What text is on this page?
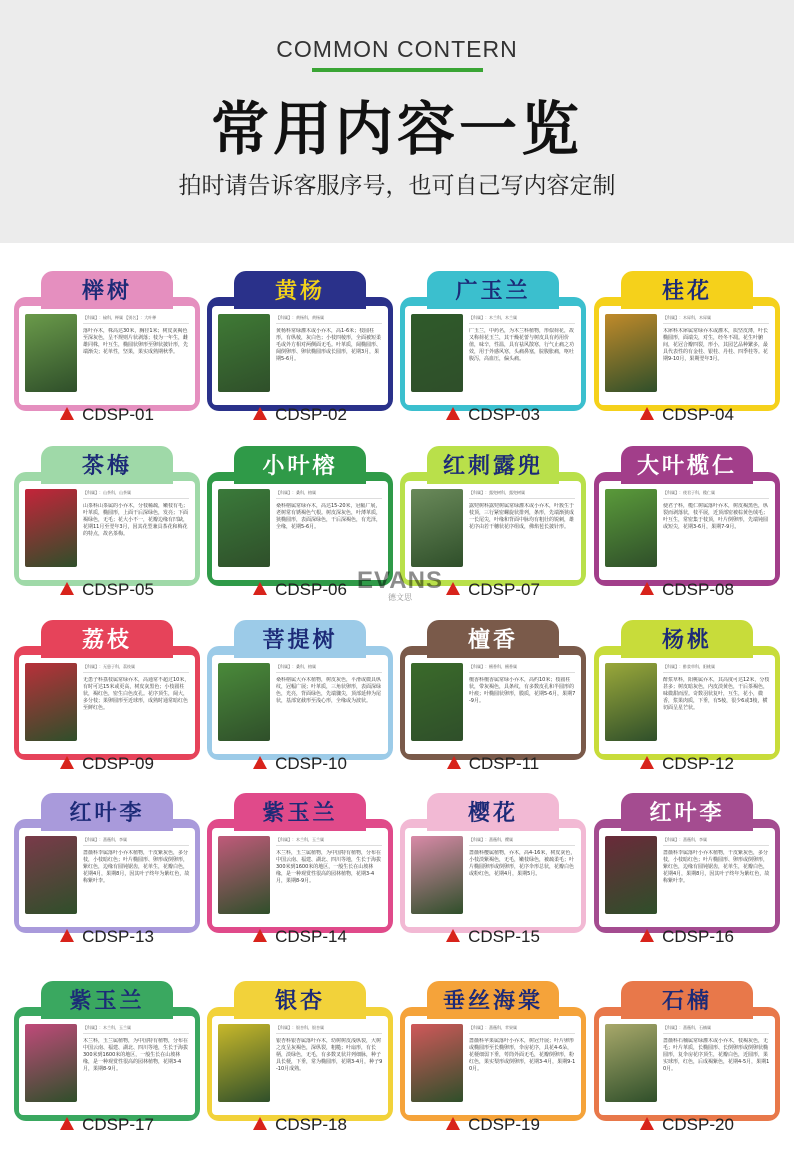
COMMON CONTERN
常用内容一览
拍时请告诉客服序号，也可自己写内容定制
【科属】：榆科，榉属 【别名】：大叶榉
落叶乔木，株高达30米，胸径1米；树皮灰褐色至深灰色，呈不规则片状剥落；枝为一年生，雌雄同株，叶互生，椭圆状卵形至卵状披针形，先端渐尖；花单性，坚果，果实成熟期秋季。
榉树
CDSP-01
【科属】：黄杨科，黄杨属
黄杨科常绿灌木或小乔木，高1-6米；枝圆柱形，有纵棱，灰白色；小枝四棱形，全面被短柔毛或外方相对两侧面无毛。叶革质，阔椭圆形、阔倒卵形、卵状椭圆形或长圆形，花期3月，果期5-6月。
黄杨
CDSP-02
【科属】：木兰科，木兰属
广玉兰，中药名，为木兰科植物，形似荷花，故又称荷花玉兰，其干燥花蕾与树皮具有药用价值，味辛，性温，具有祛风散寒，行气止痛之功效，用于外感风寒，头痛鼻塞，脘腹胀痛，呕吐腹泻，高血压，偏头痛。
广玉兰
CDSP-03
【科属】：木犀科，木犀属
木犀科木犀属常绿乔木或灌木，质坚皮薄，叶长椭圆形，面端尖，对生，经冬不凋。花生叶腑间，花冠合瓣四裂，形小，其园艺品种繁多，最具代表性的有金桂、银桂、丹桂、四季桂等。花期9-10月，果期翌年3月。
桂花
CDSP-04
【科属】：山茶科，山茶属
山茶科山茶属的小乔木，分枝稀疏，嫩枝有毛；叶革质，椭圆形，上面干后深绿色，发亮；下面褐绿色，无毛；花大小不一，花瓣边缘有凹缺，花期11月至翌年3月，因其花型兼具茶花和梅花的特点，故名茶梅。
茶梅
CDSP-05
【科属】：桑科，榕属
桑科榕属常绿乔木，高达15-20米，冠幅广展，老树常有锈褐色气根。树皮深灰色，叶薄革质，狭椭圆形，表面深绿色，干后深褐色，有光泽，全缘，花期5-6月。
小叶榕
CDSP-06
【科属】：露兜树科，露兜树属
露兜树科露兜树属常绿灌木或小乔木，叶簇生于枝顶，三行紧密螺旋状排列，条形，先端渐狭成一长尾尖，叶缘和背面中脉均有粗壮的锐刺，雄花序由若干穗状花序组成，佛焰苞长披针形。
红刺露兜
CDSP-07
【科属】：使君子科，榄仁属
使君子科，榄仁树属落叶乔木，树皮褐黑色，纵裂而剥落状，枝平展，近顶部密被棕黄色绒毛；叶互生，常密集于枝顶，叶片倒卵形，先端钝圆或短尖，花期3-6月，果期7-9月。
大叶榄仁
CDSP-08
【科属】：无患子科，荔枝属
无患子科荔枝属常绿乔木，高通常不超过10米，有时可达15米或更高，树皮灰黑色；小枝圆柱状，褐红色，密生白色皮孔。花序顶生，阔大，多分枝；果卵圆形至近球形，成熟时通常暗红色至鲜红色。
荔枝
CDSP-09
【科属】：桑科，榕属
桑科榕属大乔木植物，树皮灰色，平滑或微具纵纹，冠幅广展；叶革质，三角状卵形，表面深绿色，光亮，背面绿色，先端骤尖，顶部延伸为尾状，基部宽截形至浅心形，全缘或为波状。
菩提树
CDSP-10
【科属】：檀香科，檀香属
檀香科檀香属常绿小乔木，高约10米；枝圆柱状，带灰褐色，具条纹，有多数皮孔和半圆形的叶痕；叶椭圆状卵形，膜质，花期5-6月，果期7-9月。
檀香
CDSP-11
【科属】：酢浆草科，阳桃属
酢浆草科，阳桃属乔木，其高度可达12米，分枝甚多；树皮暗灰色，内皮淡黄色，干后茶褐色，味微甜而涩。奇数羽状复叶，互生，花小，微香，浆果肉质，下垂，有5棱，很少6或3棱，横切面呈星芒状。
杨桃
CDSP-12
【科属】：蔷薇科，李属
蔷薇科李属落叶小乔木植物，干皮紫灰色，多分枝，小枝暗红色；叶片椭圆形、卵形或倒卵形，紫红色，边缘有圆钝锯齿，花单生，花瓣白色，花期4月，果期8月，因其叶子终年为紫红色，故称紫叶李。
红叶李
CDSP-13
【科属】：木兰科，玉兰属
木兰科，玉兰属植物，为中国特有植物，分布在中国云南、福建、湖北、四川等地，生长于海拔300米到1600米的地区，一般生长在山坡林缘，是一种观赏性很高的园林植物，花期3-4月，果期8-9月。
紫玉兰
CDSP-14
【科属】：蔷薇科，樱属
蔷薇科樱属植物，乔木，高4-16米，树皮灰色，小枝淡紫褐色，无毛，嫩枝绿色，被疏柔毛；叶片椭圆卵形或倒卵形，花序伞形总状，花瓣白色或粉红色，花期4月，果期5月。
樱花
CDSP-15
【科属】：蔷薇科，李属
蔷薇科李属落叶小乔木植物，干皮紫灰色，多分枝，小枝暗红色；叶片椭圆形、卵形或倒卵形，紫红色，边缘有圆钝锯齿，花单生，花瓣白色，花期4月，果期8月，因其叶子终年为紫红色，故称紫叶李。
红叶李
CDSP-16
【科属】：木兰科，玉兰属
木兰科，玉兰属植物，为中国特有植物，分布在中国云南、福建、湖北、四川等地，生长于海拔300米到1600米的地区，一般生长在山坡林缘，是一种观赏性很高的园林植物，花期3-4月，果期8-9月。
紫玉兰
CDSP-17
【科属】：银杏科，银杏属
银杏科银杏属落叶乔木，幼树树皮浅纵裂，大树之皮呈灰褐色，深纵裂，粗糙；叶扇形，有长柄，淡绿色，无毛，有多数叉状并列细脉，种子具长梗，下垂，常为椭圆形，花期3-4月，种子9-10月成熟。
银杏
CDSP-18
【科属】：蔷薇科，苹果属
蔷薇科苹果属落叶小乔木，树冠开展；叶片卵形或椭圆形至长椭卵形，伞房花序，具花4-6朵，花梗细弱下垂，萼筒外面无毛，花瓣倒卵形，粉红色，果实梨形或倒卵形，花期3-4月，果期9-10月。
垂丝海棠
CDSP-19
【科属】：蔷薇科，石楠属
蔷薇科石楠属常绿灌木或小乔木，枝褐灰色，无毛；叶片革质，长椭圆形、长倒卵形或倒卵状椭圆形，复伞房花序顶生，花瓣白色，近圆形，果实球形，红色，后成褐紫色，花期4-5月，果期10月。
石楠
CDSP-20
EVANS
德文思
